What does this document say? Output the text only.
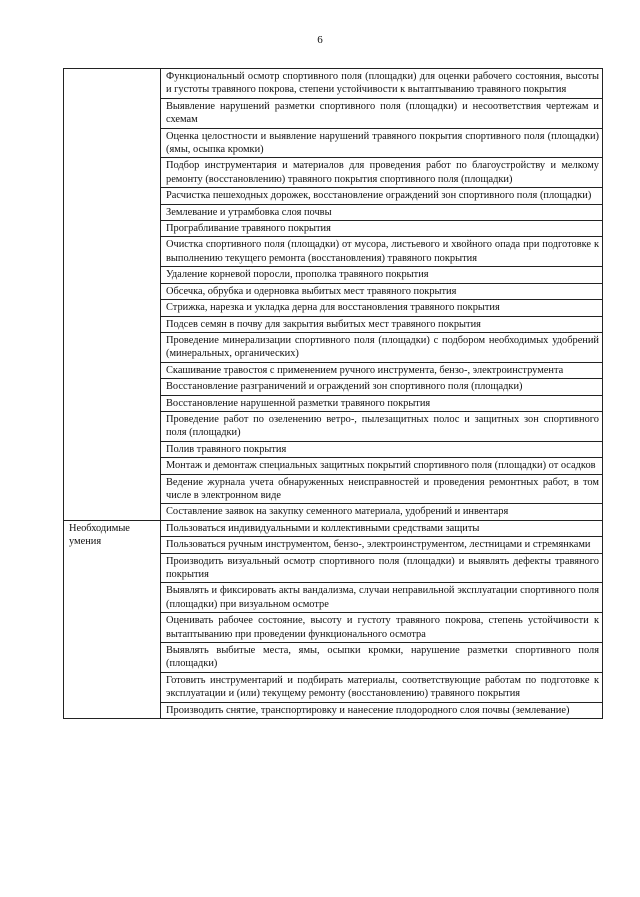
6
	Функциональный осмотр спортивного поля (площадки) для оценки рабочего состояния, высоты и густоты травяного покрова, степени устойчивости к вытаптыванию травяного покрытия
	Выявление нарушений разметки спортивного поля (площадки) и несоответствия чертежам и схемам
	Оценка целостности и выявление нарушений травяного покрытия спортивного поля (площадки) (ямы, осыпка кромки)
	Подбор инструментария и материалов для проведения работ по благоустройству и мелкому ремонту (восстановлению) травяного покрытия спортивного поля (площадки)
	Расчистка пешеходных дорожек, восстановление ограждений зон спортивного поля (площадки)
	Землевание и утрамбовка слоя почвы
	Програбливание травяного покрытия
	Очистка спортивного поля (площадки) от мусора, листьевого и хвойного опада при подготовке к выполнению текущего ремонта (восстановления) травяного покрытия
	Удаление корневой поросли, прополка травяного покрытия
	Обсечка, обрубка и одерновка выбитых мест травяного покрытия
	Стрижка, нарезка и укладка дерна для восстановления травяного покрытия
	Подсев семян в почву для закрытия выбитых мест травяного покрытия
	Проведение минерализации спортивного поля (площадки) с подбором необходимых удобрений (минеральных, органических)
	Скашивание травостоя с применением ручного инструмента, бензо-, электроинструмента
	Восстановление разграничений и ограждений зон спортивного поля (площадки)
	Восстановление нарушенной разметки травяного покрытия
	Проведение работ по озеленению ветро-, пылезащитных полос и защитных зон спортивного поля (площадки)
	Полив травяного покрытия
	Монтаж и демонтаж специальных защитных покрытий спортивного поля (площадки) от осадков
	Ведение журнала учета обнаруженных неисправностей и проведения ремонтных работ, в том числе в электронном виде
	Составление заявок на закупку семенного материала, удобрений и инвентаря
Необходимые умения	Пользоваться индивидуальными и коллективными средствами защиты
	Пользоваться ручным инструментом, бензо-, электроинструментом, лестницами и стремянками
	Производить визуальный осмотр спортивного поля (площадки) и выявлять дефекты травяного покрытия
	Выявлять и фиксировать акты вандализма, случаи неправильной эксплуатации спортивного поля (площадки) при визуальном осмотре
	Оценивать рабочее состояние, высоту и густоту травяного покрова, степень устойчивости к вытаптыванию при проведении функционального осмотра
	Выявлять выбитые места, ямы, осыпки кромки, нарушение разметки спортивного поля (площадки)
	Готовить инструментарий и подбирать материалы, соответствующие работам по подготовке к эксплуатации и (или) текущему ремонту (восстановлению) травяного покрытия
	Производить снятие, транспортировку и нанесение плодородного слоя почвы (землевание)
